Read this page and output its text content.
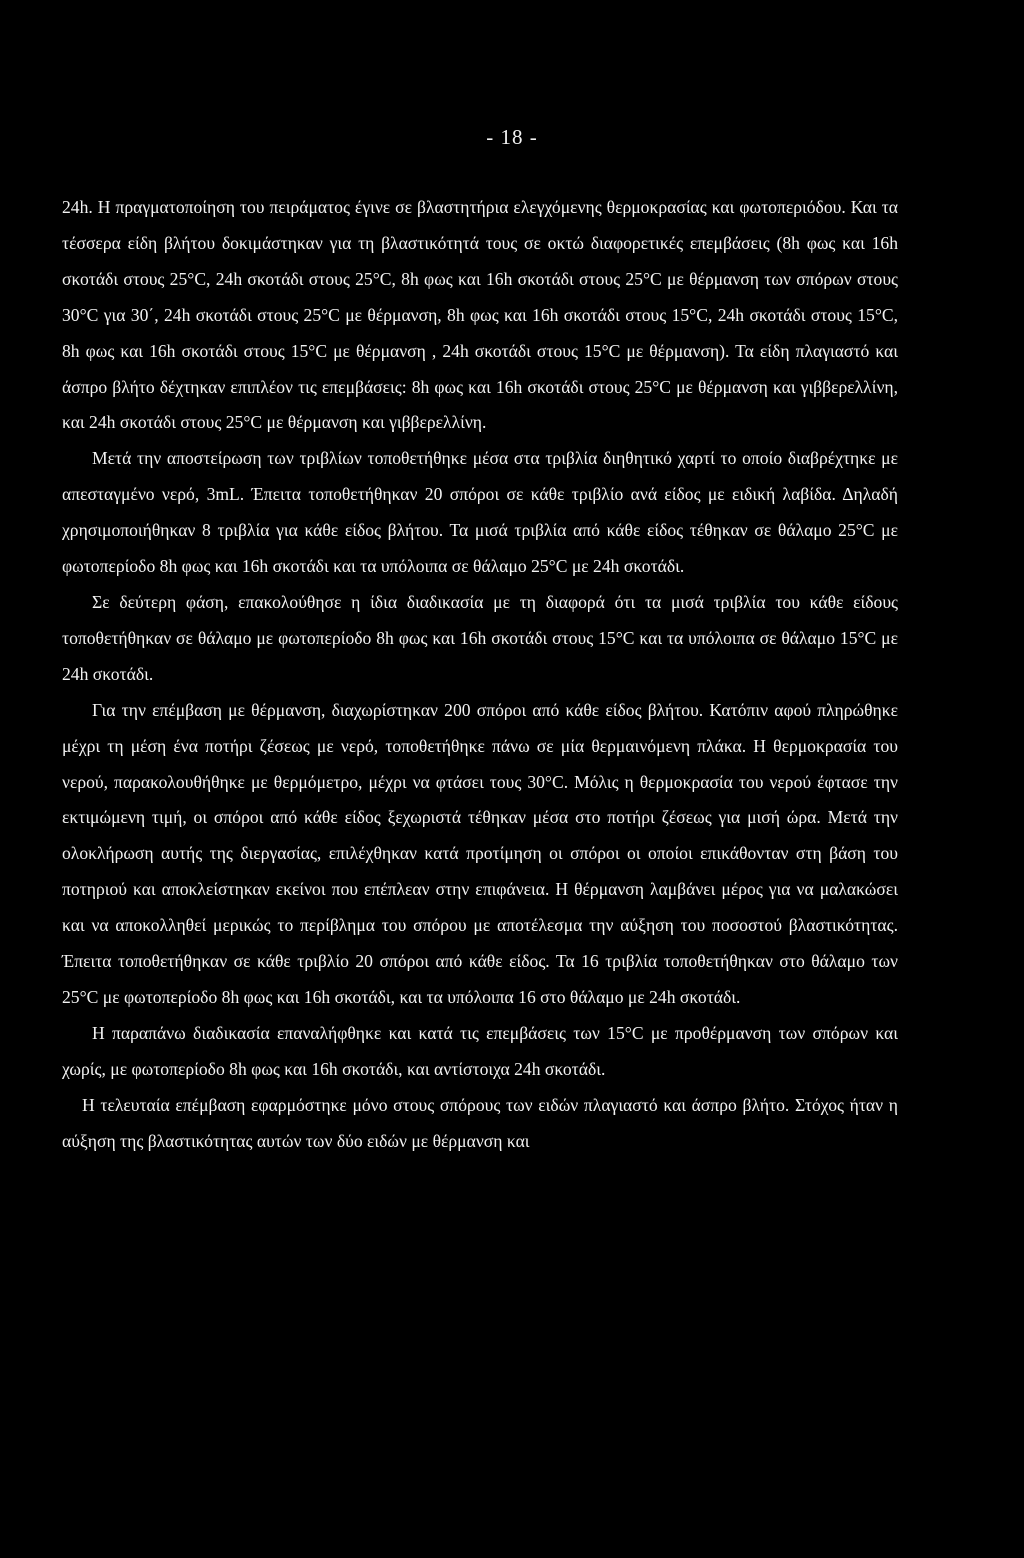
- 18 -

24h. Η πραγματοποίηση του πειράματος έγινε σε βλαστητήρια ελεγχόμενης θερμοκρασίας και φωτοπεριόδου. Και τα τέσσερα είδη βλήτου δοκιμάστηκαν για τη βλαστικότητά τους σε οκτώ διαφορετικές επεμβάσεις (8h φως και 16h σκοτάδι στους 25°C, 24h σκοτάδι στους 25°C, 8h φως και 16h σκοτάδι στους 25°C με θέρμανση των σπόρων στους 30°C για 30΄, 24h σκοτάδι στους 25°C με θέρμανση, 8h φως και 16h σκοτάδι στους 15°C, 24h σκοτάδι στους 15°C, 8h φως και 16h σκοτάδι στους 15°C με θέρμανση , 24h σκοτάδι στους 15°C με θέρμανση). Τα είδη πλαγιαστό και άσπρο βλήτο δέχτηκαν επιπλέον τις επεμβάσεις: 8h φως και 16h σκοτάδι στους 25°C με θέρμανση και γιββερελλίνη, και 24h σκοτάδι στους 25°C με θέρμανση και γιββερελλίνη.

Μετά την αποστείρωση των τριβλίων τοποθετήθηκε μέσα στα τριβλία διηθητικό χαρτί το οποίο διαβρέχτηκε με απεσταγμένο νερό, 3mL. Έπειτα τοποθετήθηκαν 20 σπόροι σε κάθε τριβλίο ανά είδος με ειδική λαβίδα. Δηλαδή χρησιμοποιήθηκαν 8 τριβλία για κάθε είδος βλήτου. Τα μισά τριβλία από κάθε είδος τέθηκαν σε θάλαμο 25°C με φωτοπερίοδο 8h φως και 16h σκοτάδι και τα υπόλοιπα σε θάλαμο 25°C με 24h σκοτάδι.

Σε δεύτερη φάση, επακολούθησε η ίδια διαδικασία με τη διαφορά ότι τα μισά τριβλία του κάθε είδους τοποθετήθηκαν σε θάλαμο με φωτοπερίοδο 8h φως και 16h σκοτάδι στους 15°C και τα υπόλοιπα σε θάλαμο 15°C με 24h σκοτάδι.

Για την επέμβαση με θέρμανση, διαχωρίστηκαν 200 σπόροι από κάθε είδος βλήτου. Κατόπιν αφού πληρώθηκε μέχρι τη μέση ένα ποτήρι ζέσεως με νερό, τοποθετήθηκε πάνω σε μία θερμαινόμενη πλάκα. Η θερμοκρασία του νερού, παρακολουθήθηκε με θερμόμετρο, μέχρι να φτάσει τους 30°C. Μόλις η θερμοκρασία του νερού έφτασε την εκτιμώμενη τιμή, οι σπόροι από κάθε είδος ξεχωριστά τέθηκαν μέσα στο ποτήρι ζέσεως για μισή ώρα. Μετά την ολοκλήρωση αυτής της διεργασίας, επιλέχθηκαν κατά προτίμηση οι σπόροι οι οποίοι επικάθονταν στη βάση του ποτηριού και αποκλείστηκαν εκείνοι που επέπλεαν στην επιφάνεια. Η θέρμανση λαμβάνει μέρος για να μαλακώσει και να αποκολληθεί μερικώς το περίβλημα του σπόρου με αποτέλεσμα την αύξηση του ποσοστού βλαστικότητας. Έπειτα τοποθετήθηκαν σε κάθε τριβλίο 20 σπόροι από κάθε είδος. Τα 16 τριβλία τοποθετήθηκαν στο θάλαμο των 25°C με φωτοπερίοδο 8h φως και 16h σκοτάδι, και τα υπόλοιπα 16 στο θάλαμο με 24h σκοτάδι.

Η παραπάνω διαδικασία επαναλήφθηκε και κατά τις επεμβάσεις των 15°C με προθέρμανση των σπόρων και χωρίς, με φωτοπερίοδο 8h φως και 16h σκοτάδι, και αντίστοιχα 24h σκοτάδι.

Η τελευταία επέμβαση εφαρμόστηκε μόνο στους σπόρους των ειδών πλαγιαστό και άσπρο βλήτο. Στόχος ήταν η αύξηση της βλαστικότητας αυτών των δύο ειδών με θέρμανση και
